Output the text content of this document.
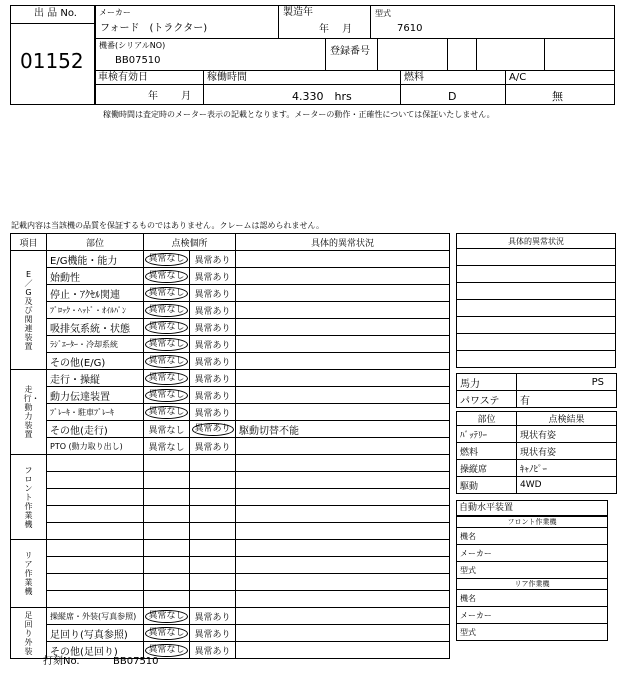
出 品 No.
01152
メーカー
フォード　(トラクター)
製造年
年　 月
型式
7610
機番(シリアルNO)
BB07510
登録番号
車検有効日
年　　 月
稼働時間
4.330　hrs
燃料
D
A/C
無
稼働時間は査定時のメーター表示の記載となります。メーターの動作・正確性については保証いたしません。
記載内容は当該機の品質を保証するものではありません。クレームは認められません。
項目	部位	点検個所		具体的異常状況

E／G及び関連装置	E/G機能・能力	異常なし	異常あり	
	始動性	異常なし	異常あり	
	停止・ｱｸｾﾙ関連	異常なし	異常あり	
	ﾌﾞﾛｯｸ・ﾍｯﾄﾞ・ｵｲﾙﾊﾟﾝ	異常なし	異常あり	
	吸排気系統・状態	異常なし	異常あり	
	ﾗｼﾞｴｰﾀｰ・冷却系統	異常なし	異常あり	
	その他(E/G)	異常なし	異常あり	

走行・動力装置	走行・操縦	異常なし	異常あり	
	動力伝達装置	異常なし	異常あり	
	ﾌﾞﾚｰｷ・駐車ﾌﾞﾚｰｷ	異常なし	異常あり	
	その他(走行)	異常なし	異常あり	駆動切替不能
	PTO (動力取り出し)	異常なし	異常あり	

フロント作業機				

リア作業機				

足回り外装	操縦席・外装(写真参照)	異常なし	異常あり	
	足回り(写真参照)	異常なし	異常あり	
	その他(足回り)	異常なし	異常あり	
具体的異常状況

馬力	PS
パワステ	有
部位	点検結果
ﾊﾞｯﾃﾘｰ	現状有姿
燃料	現状有姿
操縦席	ｷｬﾉﾋﾟｰ
駆動	4WD
自動水平装置
フロント作業機
機名
メーカー
型式
リア作業機
機名
メーカー
型式
打刻No.	BB07510
